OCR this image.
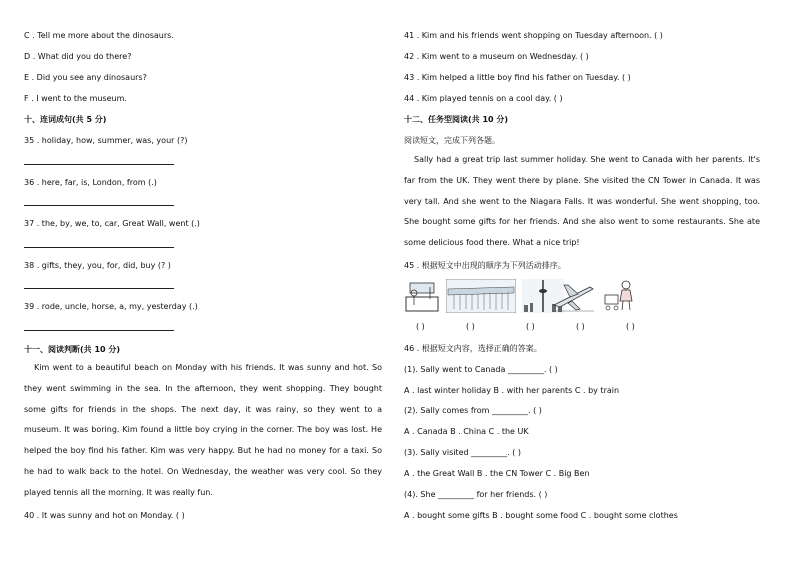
C . Tell me more about the dinosaurs.
D . What did you do there?
E . Did you see any dinosaurs?
F . I went to the museum.
十、连词成句(共 5 分)
35 . holiday, how, summer, was, your (?)
36 . here, far, is, London, from (.)
37 . the, by, we, to, car, Great Wall, went (.)
38 . gifts, they, you, for, did, buy (? )
39 . rode, uncle, horse, a, my, yesterday (.)
十一、阅读判断(共 10 分)
Kim went to a beautiful beach on Monday with his friends. It was sunny and hot. So they went swimming in the sea. In the afternoon, they went shopping. They bought some gifts for friends in the shops. The next day, it was rainy, so they went to a museum. It was boring. Kim found a little boy crying in the corner. The boy was lost. He helped the boy find his father. Kim was very happy. But he had no money for a taxi. So he had to walk back to the hotel. On Wednesday, the weather was very cool. So they played tennis all the morning. It was really fun.
40 . It was sunny and hot on Monday. ( )
41 . Kim and his friends went shopping on Tuesday afternoon. ( )
42 . Kim went to a museum on Wednesday. ( )
43 . Kim helped a little boy find his father on Tuesday. ( )
44 . Kim played tennis on a cool day. ( )
十二、任务型阅读(共 10 分)
阅读短文，完成下列各题。
Sally had a great trip last summer holiday. She went to Canada with her parents. It's far from the UK. They went there by plane. She visited the CN Tower in Canada. It was very tall. And she went to the Niagara Falls. It was wonderful. She went shopping, too. She bought some gifts for her friends. And she also went to some restaurants. She ate some delicious food there. What a nice trip!
45 . 根据短文中出现的顺序为下列活动排序。
( )	( )	( )	( )	( )
46 . 根据短文内容，选择正确的答案。
(1). Sally went to Canada _________. ( )
A . last winter holiday B . with her parents C . by train
(2). Sally comes from _________. ( )
A . Canada B . China C . the UK
(3). Sally visited _________. ( )
A . the Great Wall B . the CN Tower C . Big Ben
(4). She _________ for her friends. ( )
A . bought some gifts B . bought some food C . bought some clothes
